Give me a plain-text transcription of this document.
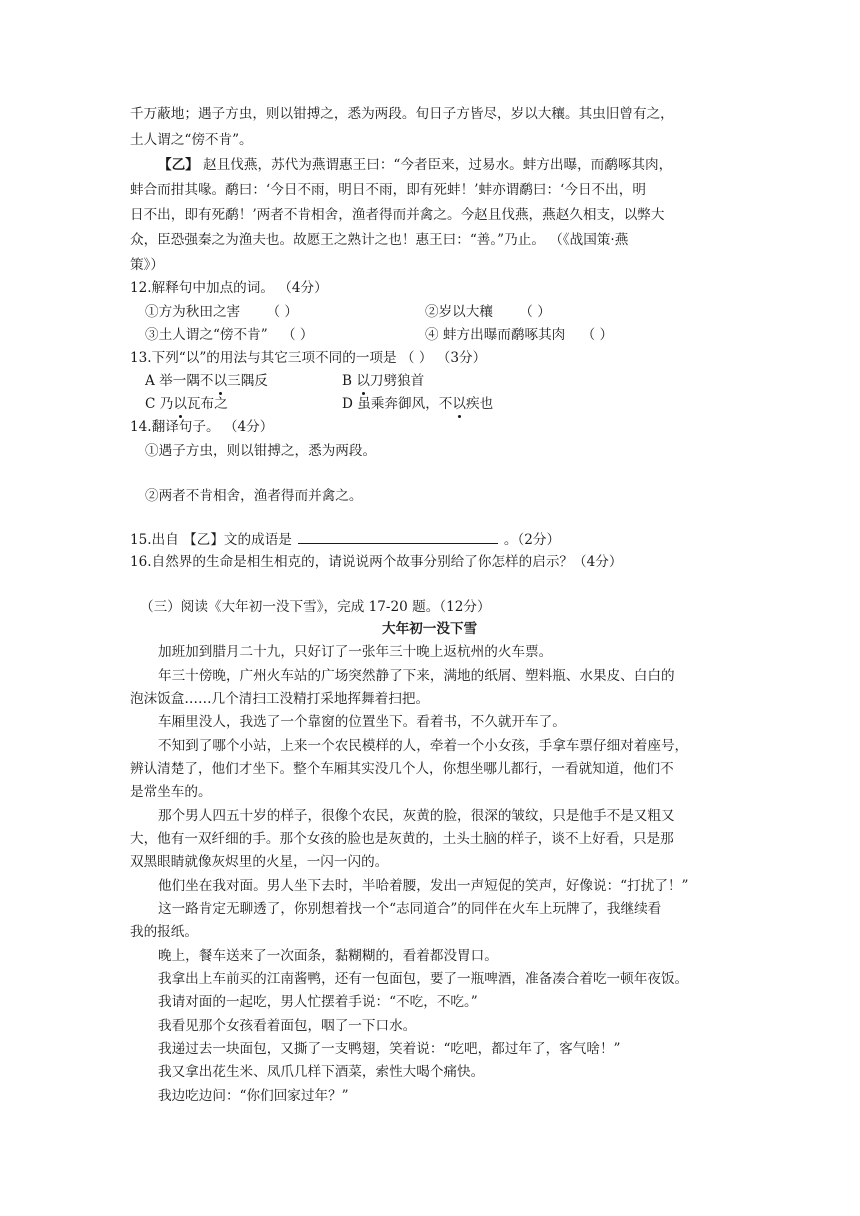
千万蔽地；遇子方虫，则以钳搏之，悉为两段。旬日子方皆尽，岁以大穰。其虫旧曾有之，
土人谓之“傍不肯”。
【乙】 赵且伐燕，苏代为燕谓惠王曰：“今者臣来，过易水。蚌方出曝，而鹬啄其肉，
蚌合而拑其喙。鹬曰：‘今日不雨，明日不雨，即有死蚌！’蚌亦谓鹬曰：‘今日不出，明
日不出，即有死鹬！’两者不肯相舍，渔者得而并禽之。今赵且伐燕，燕赵久相支，以弊大
众，臣恐强秦之为渔夫也。故愿王之熟计之也！惠王曰：“善。”乃止。 （《战国策·燕
策》）
12.解释句中加点的词。 （4分）
①方为秋田之害 （ ）	②岁以大穰 （ ）
③土人谓之“傍不肯” （ ）	④ 蚌方出曝而鹬啄其肉 （ ）
13.下列“以”的用法与其它三项不同的一项是 （ ） （3分）
A 举一隅不以三隅反	B 以刀劈狼首
C 乃以瓦布之	D 虽乘奔御风，不以疾也
14.翻译句子。 （4分）
①遇子方虫，则以钳搏之，悉为两段。
②两者不肯相舍，渔者得而并禽之。
15.出自 【乙】文的成语是	。（2分）
16.自然界的生命是相生相克的，请说说两个故事分别给了你怎样的启示？（4分）
（三）阅读《大年初一没下雪》，完成 17-20 题。（12分）
大年初一没下雪
加班加到腊月二十九，只好订了一张年三十晚上返杭州的火车票。
年三十傍晚，广州火车站的广场突然静了下来，满地的纸屑、塑料瓶、水果皮、白白的
泡沫饭盒……几个清扫工没精打采地挥舞着扫把。
车厢里没人，我选了一个靠窗的位置坐下。看着书，不久就开车了。
不知到了哪个小站，上来一个农民模样的人，牵着一个小女孩，手拿车票仔细对着座号，
辨认清楚了，他们才坐下。整个车厢其实没几个人，你想坐哪儿都行，一看就知道，他们不
是常坐车的。
那个男人四五十岁的样子，很像个农民，灰黄的脸，很深的皱纹，只是他手不是又粗又
大，他有一双纤细的手。那个女孩的脸也是灰黄的，土头土脑的样子，谈不上好看，只是那
双黑眼睛就像灰烬里的火星，一闪一闪的。
他们坐在我对面。男人坐下去时，半哈着腰，发出一声短促的笑声，好像说：“打扰了！”
这一路肯定无聊透了，你别想着找一个“志同道合”的同伴在火车上玩牌了，我继续看
我的报纸。
晚上，餐车送来了一次面条，黏糊糊的，看着都没胃口。
我拿出上车前买的江南酱鸭，还有一包面包，要了一瓶啤酒，准备凑合着吃一顿年夜饭。
我请对面的一起吃，男人忙摆着手说：“不吃，不吃。”
我看见那个女孩看着面包，咽了一下口水。
我递过去一块面包，又撕了一支鸭翅，笑着说：“吃吧，都过年了，客气啥！”
我又拿出花生米、凤爪几样下酒菜，索性大喝个痛快。
我边吃边问：“你们回家过年？”
